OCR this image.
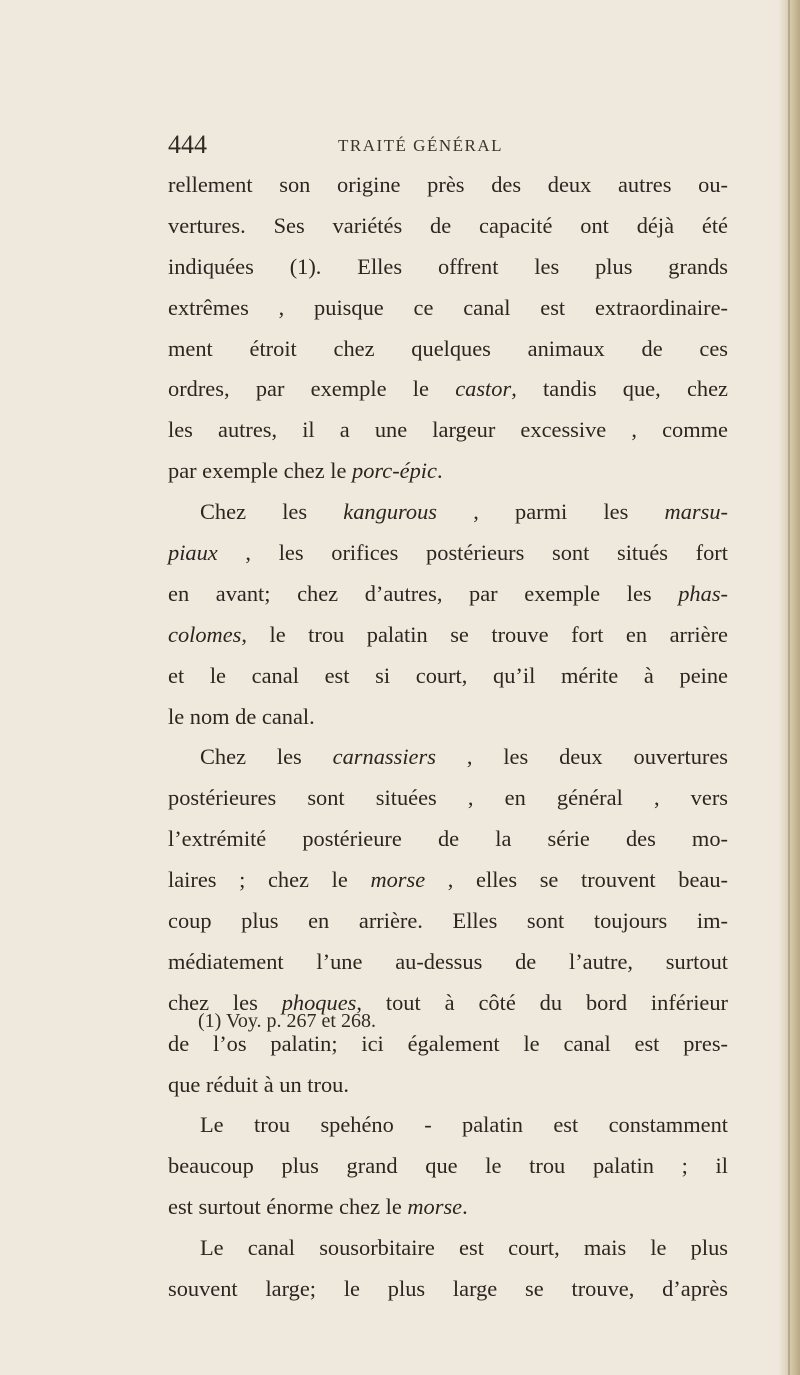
444	TRAITÉ GÉNÉRAL
rellement son origine près des deux autres ou-
vertures. Ses variétés de capacité ont déjà été
indiquées (1). Elles offrent les plus grands
extrêmes , puisque ce canal est extraordinaire-
ment étroit chez quelques animaux de ces
ordres, par exemple le castor, tandis que, chez
les autres, il a une largeur excessive , comme
par exemple chez le porc-épic.
Chez les kangurous , parmi les marsu-
piaux , les orifices postérieurs sont situés fort
en avant; chez d’autres, par exemple les phas-
colomes, le trou palatin se trouve fort en arrière
et le canal est si court, qu’il mérite à peine
le nom de canal.
Chez les carnassiers , les deux ouvertures
postérieures sont situées , en général , vers
l’extrémité postérieure de la série des mo-
laires ; chez le morse , elles se trouvent beau-
coup plus en arrière. Elles sont toujours im-
médiatement l’une au-dessus de l’autre, surtout
chez les phoques, tout à côté du bord inférieur
de l’os palatin; ici également le canal est pres-
que réduit à un trou.
Le trou spehéno - palatin est constamment
beaucoup plus grand que le trou palatin ; il
est surtout énorme chez le morse.
Le canal sousorbitaire est court, mais le plus
souvent large; le plus large se trouve, d’après
(1) Voy. p. 267 et 268.
